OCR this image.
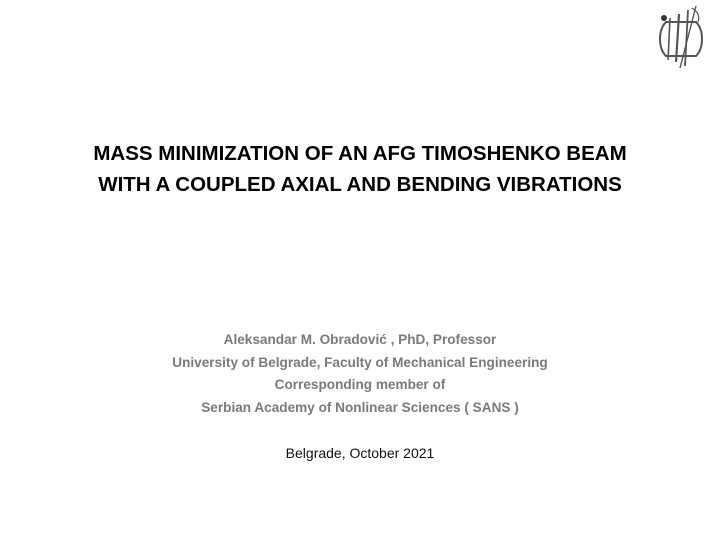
MASS MINIMIZATION OF AN AFG TIMOSHENKO BEAM
WITH A COUPLED AXIAL AND BENDING VIBRATIONS
Aleksandar M. Obradović , PhD, Professor
University of Belgrade, Faculty of Mechanical Engineering
Corresponding member of
Serbian Academy of Nonlinear Sciences ( SANS )
Belgrade, October 2021
